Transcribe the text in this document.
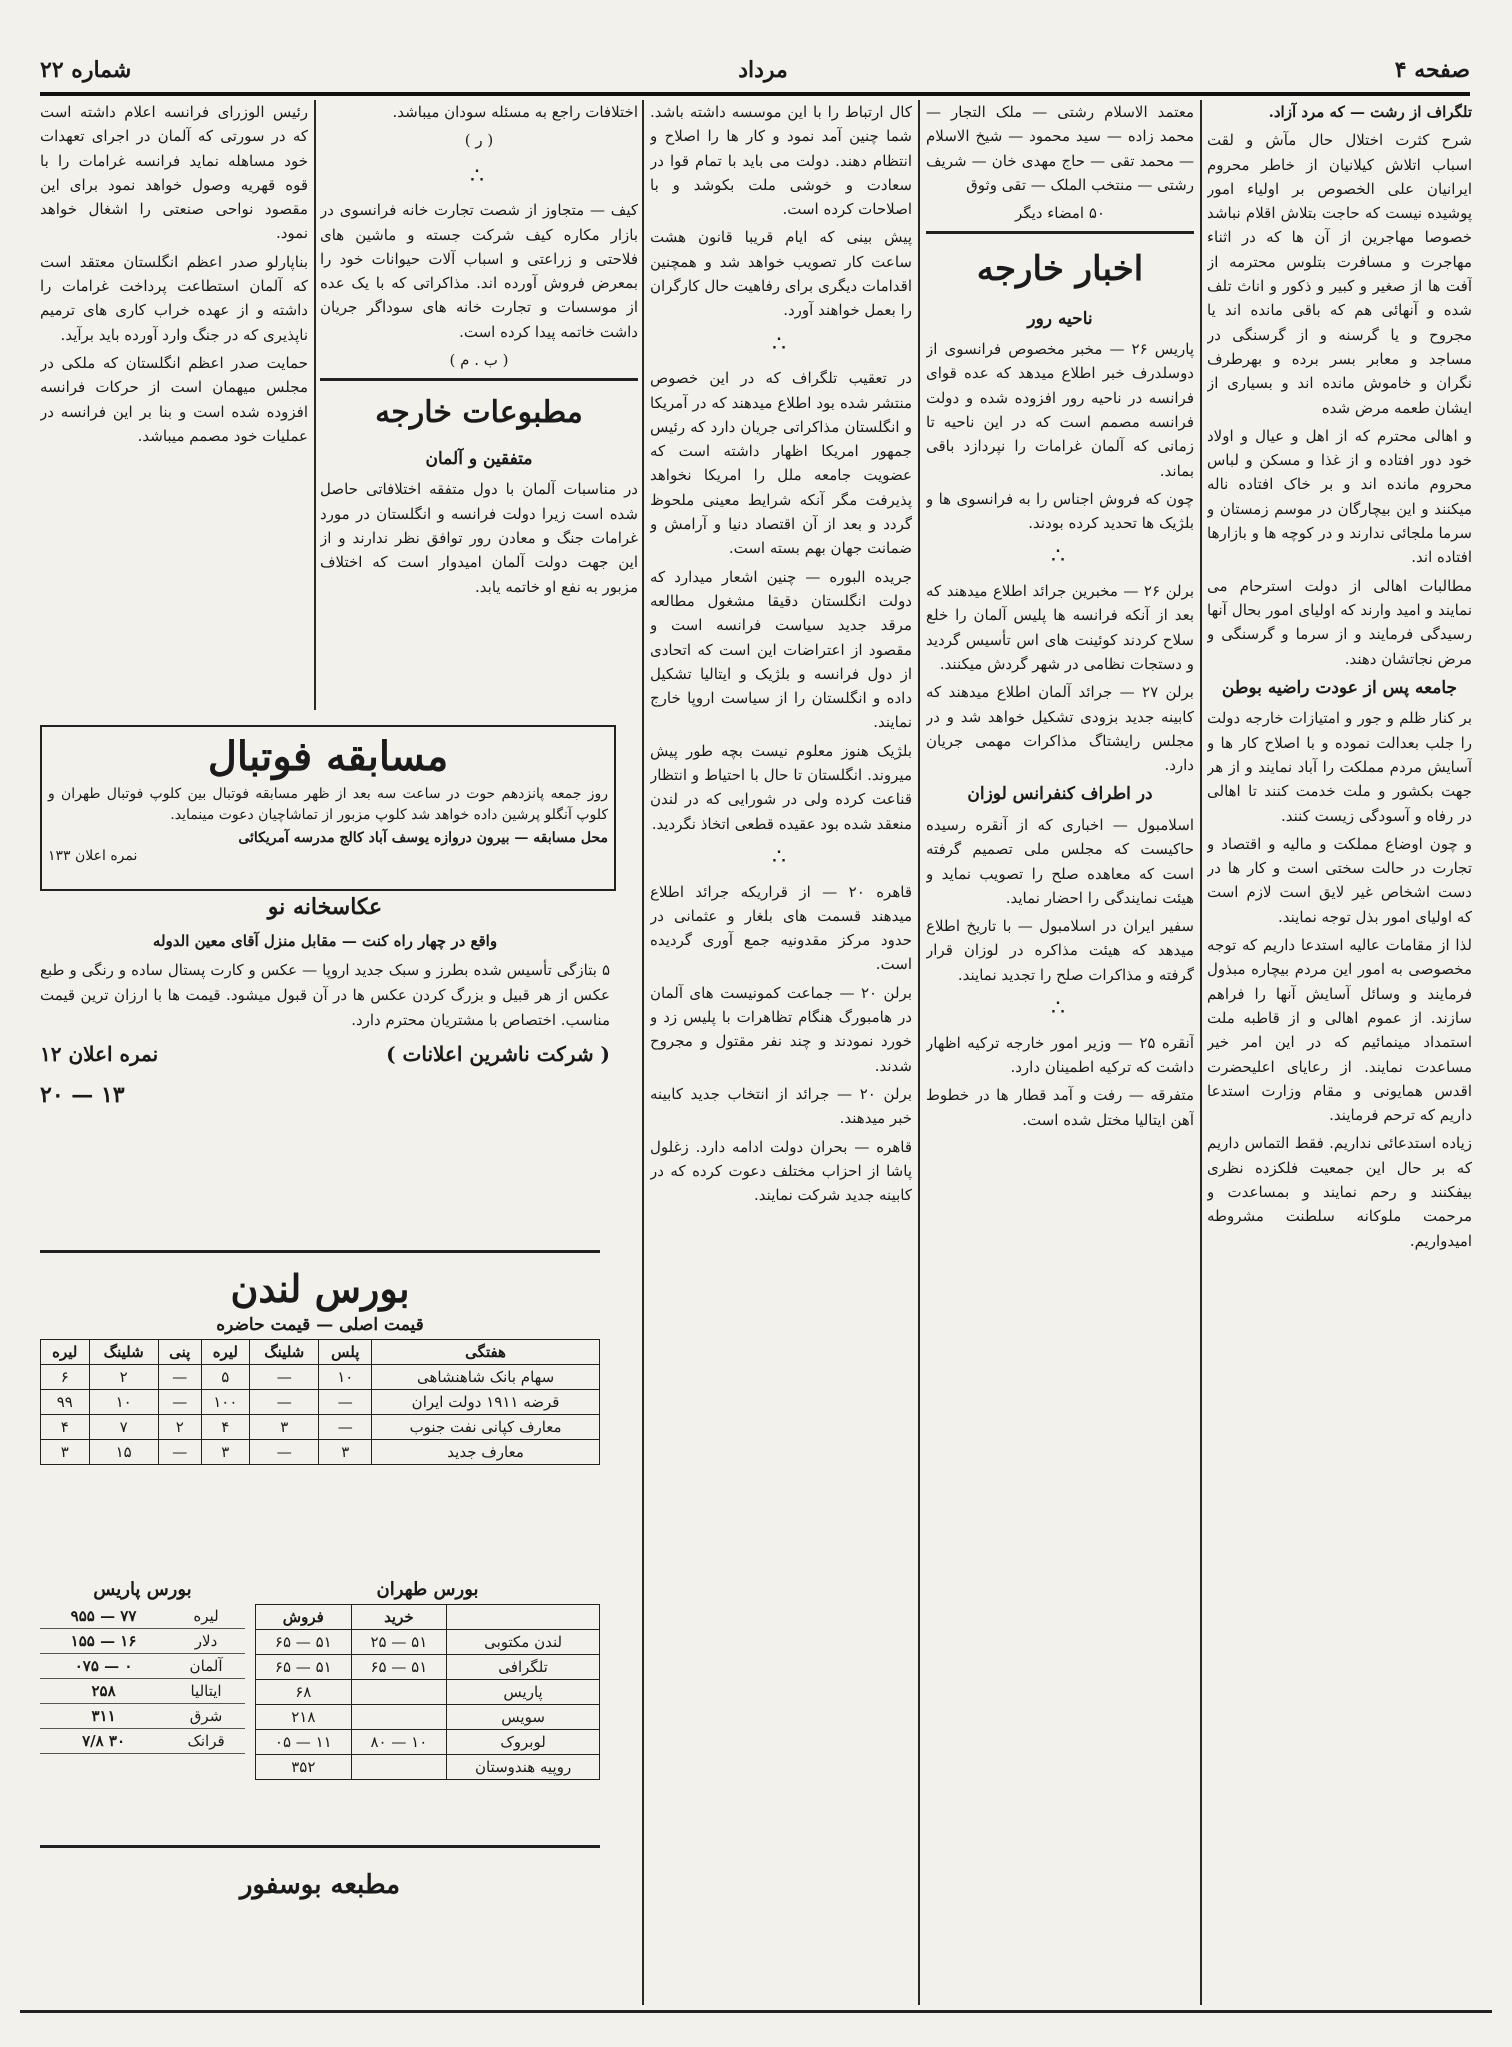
صفحه ۴
مرداد
شماره ۲۲

تلگراف از رشت — که مرد آزاد.

شرح کثرت اختلال حال مآش و لقت اسباب اتلاش کیلانیان از خاطر محروم ایرانیان علی الخصوص بر اولیاء امور پوشیده نیست که حاجت بتلاش اقلام نباشد خصوصا مهاجرین از آن ها که در اثناء مهاجرت و مسافرت بتلوس محترمه از آفت ها از صغیر و کبیر و ذکور و اناث تلف شده و آنهائی هم که باقی مانده اند یا مجروح و یا گرسنه و از گرسنگی در مساجد و معابر بسر برده و بهرطرف نگران و خاموش مانده اند و بسیاری از ایشان طعمه مرض شده

و اهالی محترم که از اهل و عیال و اولاد خود دور افتاده و از غذا و مسکن و لباس محروم مانده اند و بر خاک افتاده ناله میکنند و این بیچارگان در موسم زمستان و سرما ملجائی ندارند و در کوچه ها و بازارها افتاده اند.

مطالبات اهالی از دولت استرحام می نمایند و امید وارند که اولیای امور بحال آنها رسیدگی فرمایند و از سرما و گرسنگی و مرض نجاتشان دهند.

جامعه پس از عودت راضیه بوطن

بر کنار ظلم و جور و امتیازات خارجه دولت را جلب بعدالت نموده و با اصلاح کار ها و آسایش مردم مملکت را آباد نمایند و از هر جهت بکشور و ملت خدمت کنند تا اهالی در رفاه و آسودگی زیست کنند.

و چون اوضاع مملکت و مالیه و اقتصاد و تجارت در حالت سختی است و کار ها در دست اشخاص غیر لایق است لازم است که اولیای امور بذل توجه نمایند.

لذا از مقامات عالیه استدعا داریم که توجه مخصوصی به امور این مردم بیچاره مبذول فرمایند و وسائل آسایش آنها را فراهم سازند. از عموم اهالی و از قاطبه ملت استمداد مینمائیم که در این امر خیر مساعدت نمایند. از رعایای اعلیحضرت اقدس همایونی و مقام وزارت استدعا داریم که ترحم فرمایند.

زیاده استدعائی نداریم. فقط التماس داریم که بر حال این جمعیت فلکزده نظری بیفکنند و رحم نمایند و بمساعدت و مرحمت ملوکانه سلطنت مشروطه امیدواریم.

معتمد الاسلام رشتی — ملک التجار — محمد زاده — سید محمود — شیخ الاسلام — محمد تقی — حاج مهدی خان — شریف رشتی — منتخب الملک — تقی وثوق

۵۰ امضاء دیگر
اخبار خارجه
ناحیه رور

پاریس ۲۶ — مخبر مخصوص فرانسوی از دوسلدرف خبر اطلاع میدهد که عده قوای فرانسه در ناحیه رور افزوده شده و دولت فرانسه مصمم است که در این ناحیه تا زمانی که آلمان غرامات را نپردازد باقی بماند.

چون که فروش اجناس را به فرانسوی ها و بلژیک ها تحدید کرده بودند.

∴

برلن ۲۶ — مخبرین جرائد اطلاع میدهند که بعد از آنکه فرانسه ها پلیس آلمان را خلع سلاح کردند کوئینت های اس تأسیس گردید و دستجات نظامی در شهر گردش میکنند.

برلن ۲۷ — جرائد آلمان اطلاع میدهند که کابینه جدید بزودی تشکیل خواهد شد و در مجلس رایشتاگ مذاکرات مهمی جریان دارد.

در اطراف کنفرانس لوزان

اسلامبول — اخباری که از آنقره رسیده حاکیست که مجلس ملی تصمیم گرفته است که معاهده صلح را تصویب نماید و هیئت نمایندگی را احضار نماید.

سفیر ایران در اسلامبول — با تاریخ اطلاع میدهد که هیئت مذاکره در لوزان قرار گرفته و مذاکرات صلح را تجدید نمایند.

∴

آنقره ۲۵ — وزیر امور خارجه ترکیه اظهار داشت که ترکیه اطمینان دارد.

متفرقه — رفت و آمد قطار ها در خطوط آهن ایتالیا مختل شده است.

کال ارتباط را با این موسسه داشته باشد. شما چنین آمد نمود و کار ها را اصلاح و انتظام دهند. دولت می باید با تمام قوا در سعادت و خوشی ملت بکوشد و با اصلاحات کرده است.

پیش بینی که ایام قریبا قانون هشت ساعت کار تصویب خواهد شد و همچنین اقدامات دیگری برای رفاهیت حال کارگران را بعمل خواهند آورد.

∴

در تعقیب تلگراف که در این خصوص منتشر شده بود اطلاع میدهند که در آمریکا و انگلستان مذاکراتی جریان دارد که رئیس جمهور امریکا اظهار داشته است که عضویت جامعه ملل را امریکا نخواهد پذیرفت مگر آنکه شرایط معینی ملحوظ گردد و بعد از آن اقتصاد دنیا و آرامش و ضمانت جهان بهم بسته است.

جریده البوره — چنین اشعار میدارد که دولت انگلستان دقیقا مشغول مطالعه مرقد جدید سیاست فرانسه است و مقصود از اعتراضات این است که اتحادی از دول فرانسه و بلژیک و ایتالیا تشکیل داده و انگلستان را از سیاست اروپا خارج نمایند.

بلژیک هنوز معلوم نیست بچه طور پیش میروند. انگلستان تا حال با احتیاط و انتظار قناعت کرده ولی در شورایی که در لندن منعقد شده بود عقیده قطعی اتخاذ نگردید.

∴

قاهره ۲۰ — از قراریکه جرائد اطلاع میدهند قسمت های بلغار و عثمانی در حدود مرکز مقدونیه جمع آوری گردیده است.

برلن ۲۰ — جماعت کمونیست های آلمان در هامبورگ هنگام تظاهرات با پلیس زد و خورد نمودند و چند نفر مقتول و مجروح شدند.

برلن ۲۰ — جرائد از انتخاب جدید کابینه خبر میدهند.

قاهره — بحران دولت ادامه دارد. زغلول پاشا از احزاب مختلف دعوت کرده که در کابینه جدید شرکت نمایند.

اختلافات راجع به مسئله سودان میباشد.

( ر )
∴

کیف — متجاوز از شصت تجارت خانه فرانسوی در بازار مکاره کیف شرکت جسته و ماشین های فلاحتی و زراعتی و اسباب آلات حیوانات خود را بمعرض فروش آورده اند. مذاکراتی که با یک عده از موسسات و تجارت خانه های سوداگر جریان داشت خاتمه پیدا کرده است.

( ب . م )
مطبوعات خارجه
متفقین و آلمان

در مناسبات آلمان با دول متفقه اختلافاتی حاصل شده است زیرا دولت فرانسه و انگلستان در مورد غرامات جنگ و معادن رور توافق نظر ندارند و از این جهت دولت آلمان امیدوار است که اختلاف مزبور به نفع او خاتمه یابد.

رئیس الوزرای فرانسه اعلام داشته است که در سورتی که آلمان در اجرای تعهدات خود مساهله نماید فرانسه غرامات را با قوه قهریه وصول خواهد نمود برای این مقصود نواحی صنعتی را اشغال خواهد نمود.

بناپارلو صدر اعظم انگلستان معتقد است که آلمان استطاعت پرداخت غرامات را داشته و از عهده خراب کاری های ترمیم ناپذیری که در جنگ وارد آورده باید برآید.

حمایت صدر اعظم انگلستان که ملکی در مجلس میهمان است از حرکات فرانسه افزوده شده است و بنا بر این فرانسه در عملیات خود مصمم میباشد.

مسابقه فوتبال

روز جمعه پانزدهم حوت در ساعت سه بعد از ظهر مسابقه فوتبال بین کلوپ فوتبال طهران و کلوپ آنگلو پرشین داده خواهد شد کلوپ مزبور از تماشاچیان دعوت مینماید.

محل مسابقه — بیرون دروازه یوسف آباد کالج مدرسه آمریکائی

نمره اعلان ۱۳۳

عکاسخانه نو
واقع در چهار راه کنت — مقابل منزل آقای معین الدوله

۵ بتازگی تأسیس شده بطرز و سبک جدید اروپا — عکس و کارت پستال ساده و رنگی و طبع عکس از هر قبیل و بزرگ کردن عکس ها در آن قبول میشود. قیمت ها با ارزان ترین قیمت مناسب. اختصاص با مشتریان محترم دارد.

( شرکت ناشرین اعلانات )
نمره اعلان ۱۲
۱۳ — ۲۰
بورس لندن
قیمت اصلی — قیمت حاضره
هفتگی	پلس	شلینگ	لیره	پنی	شلینگ	لیره
سهام بانک شاهنشاهی	۱۰	—	۵	—	۲	۶
قرضه ۱۹۱۱ دولت ایران	—	—	۱۰۰	—	۱۰	۹۹
معارف کپانی نفت جنوب	—	۳	۴	۲	۷	۴
معارف جدید	۳	—	۳	—	۱۵	۳
بورس طهران
	خرید	فروش
لندن مکتوبی	۵۱ — ۲۵	۵۱ — ۶۵
تلگرافی	۵۱ — ۶۵	۵۱ — ۶۵
پاریس		۶۸
سویس		۲۱۸
لوبروک	۱۰ — ۸۰	۱۱ — ۰۵
روپیه هندوستان		۳۵۲
بورس پاریس
لیره	۷۷ — ۹۵۵
دلار	۱۶ — ۱۵۵
آلمان	۰ — ۰۷۵
ایتالیا	۲۵۸
شرق	۳۱۱
قرانک	۳۰ ۷/۸
مطبعه بوسفور
